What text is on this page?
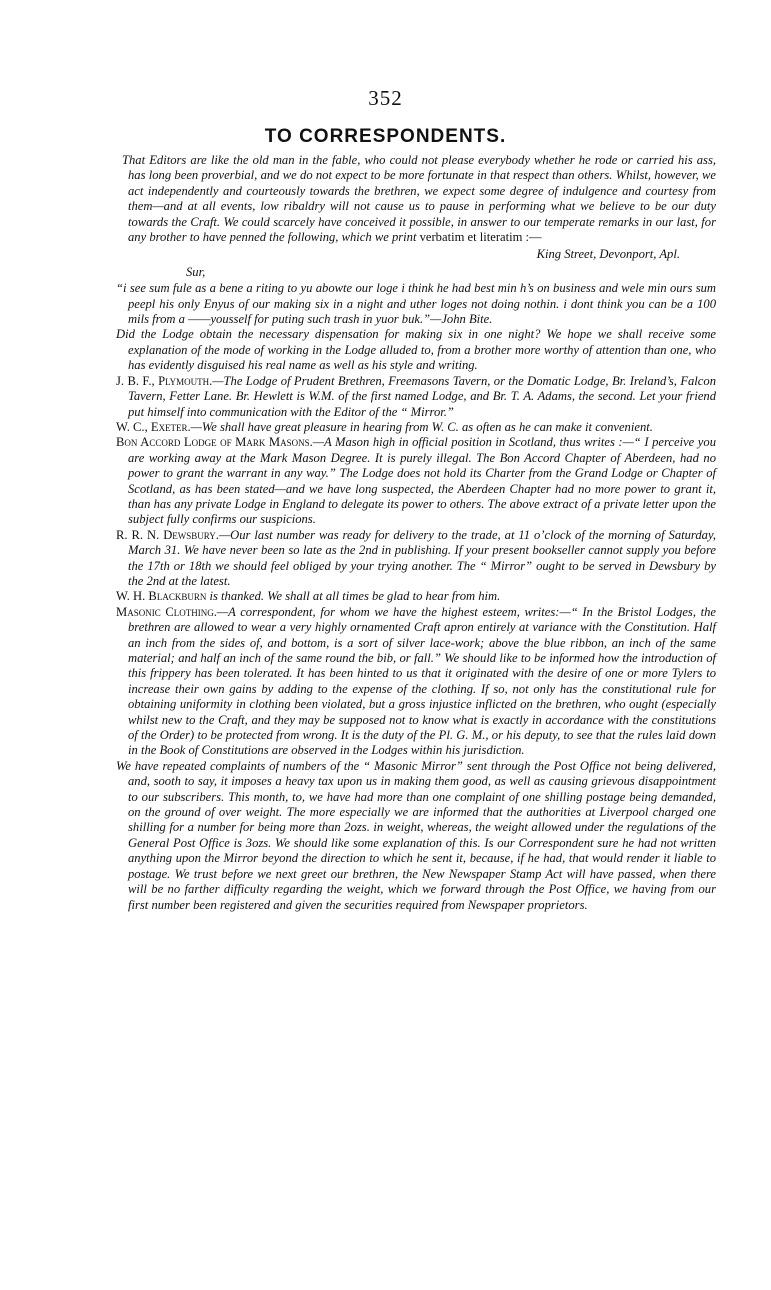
352
TO CORRESPONDENTS.

That Editors are like the old man in the fable, who could not please everybody whether he rode or carried his ass, has long been proverbial, and we do not expect to be more fortunate in that respect than others. Whilst, however, we act independently and courteously towards the brethren, we expect some degree of indulgence and courtesy from them—and at all events, low ribaldry will not cause us to pause in performing what we believe to be our duty towards the Craft. We could scarcely have conceived it possible, in answer to our temperate remarks in our last, for any brother to have penned the following, which we print verbatim et literatim :—

King Street, Devonport, Apl.

Sur,

“i see sum fule as a bene a riting to yu abowte our loge i think he had best min h’s on business and wele min ours sum peepl his only Enyus of our making six in a night and uther loges not doing nothin. i dont think you can be a 100 mils from a ——yousself for puting such trash in yuor buk.”—John Bite.

Did the Lodge obtain the necessary dispensation for making six in one night? We hope we shall receive some explanation of the mode of working in the Lodge alluded to, from a brother more worthy of attention than one, who has evidently disguised his real name as well as his style and writing.

J. B. F., Plymouth.—The Lodge of Prudent Brethren, Freemasons Tavern, or the Domatic Lodge, Br. Ireland’s, Falcon Tavern, Fetter Lane. Br. Hewlett is W.M. of the first named Lodge, and Br. T. A. Adams, the second. Let your friend put himself into communication with the Editor of the “ Mirror.”

W. C., Exeter.—We shall have great pleasure in hearing from W. C. as often as he can make it convenient.

Bon Accord Lodge of Mark Masons.—A Mason high in official position in Scotland, thus writes :—“ I perceive you are working away at the Mark Mason Degree. It is purely illegal. The Bon Accord Chapter of Aberdeen, had no power to grant the warrant in any way.” The Lodge does not hold its Charter from the Grand Lodge or Chapter of Scotland, as has been stated—and we have long suspected, the Aberdeen Chapter had no more power to grant it, than has any private Lodge in England to delegate its power to others. The above extract of a private letter upon the subject fully confirms our suspicions.

R. R. N. Dewsbury.—Our last number was ready for delivery to the trade, at 11 o’clock of the morning of Saturday, March 31. We have never been so late as the 2nd in publishing. If your present bookseller cannot supply you before the 17th or 18th we should feel obliged by your trying another. The “ Mirror” ought to be served in Dewsbury by the 2nd at the latest.

W. H. Blackburn is thanked. We shall at all times be glad to hear from him.

Masonic Clothing.—A correspondent, for whom we have the highest esteem, writes:—“ In the Bristol Lodges, the brethren are allowed to wear a very highly ornamented Craft apron entirely at variance with the Constitution. Half an inch from the sides of, and bottom, is a sort of silver lace-work; above the blue ribbon, an inch of the same material; and half an inch of the same round the bib, or fall.” We should like to be informed how the introduction of this frippery has been tolerated. It has been hinted to us that it originated with the desire of one or more Tylers to increase their own gains by adding to the expense of the clothing. If so, not only has the constitutional rule for obtaining uniformity in clothing been violated, but a gross injustice inflicted on the brethren, who ought (especially whilst new to the Craft, and they may be supposed not to know what is exactly in accordance with the constitutions of the Order) to be protected from wrong. It is the duty of the Pl. G. M., or his deputy, to see that the rules laid down in the Book of Constitutions are observed in the Lodges within his jurisdiction.

We have repeated complaints of numbers of the “ Masonic Mirror” sent through the Post Office not being delivered, and, sooth to say, it imposes a heavy tax upon us in making them good, as well as causing grievous disappointment to our subscribers. This month, to, we have had more than one complaint of one shilling postage being demanded, on the ground of over weight. The more especially we are informed that the authorities at Liverpool charged one shilling for a number for being more than 2ozs. in weight, whereas, the weight allowed under the regulations of the General Post Office is 3ozs. We should like some explanation of this. Is our Correspondent sure he had not written anything upon the Mirror beyond the direction to which he sent it, because, if he had, that would render it liable to postage. We trust before we next greet our brethren, the New Newspaper Stamp Act will have passed, when there will be no farther difficulty regarding the weight, which we forward through the Post Office, we having from our first number been registered and given the securities required from Newspaper proprietors.
